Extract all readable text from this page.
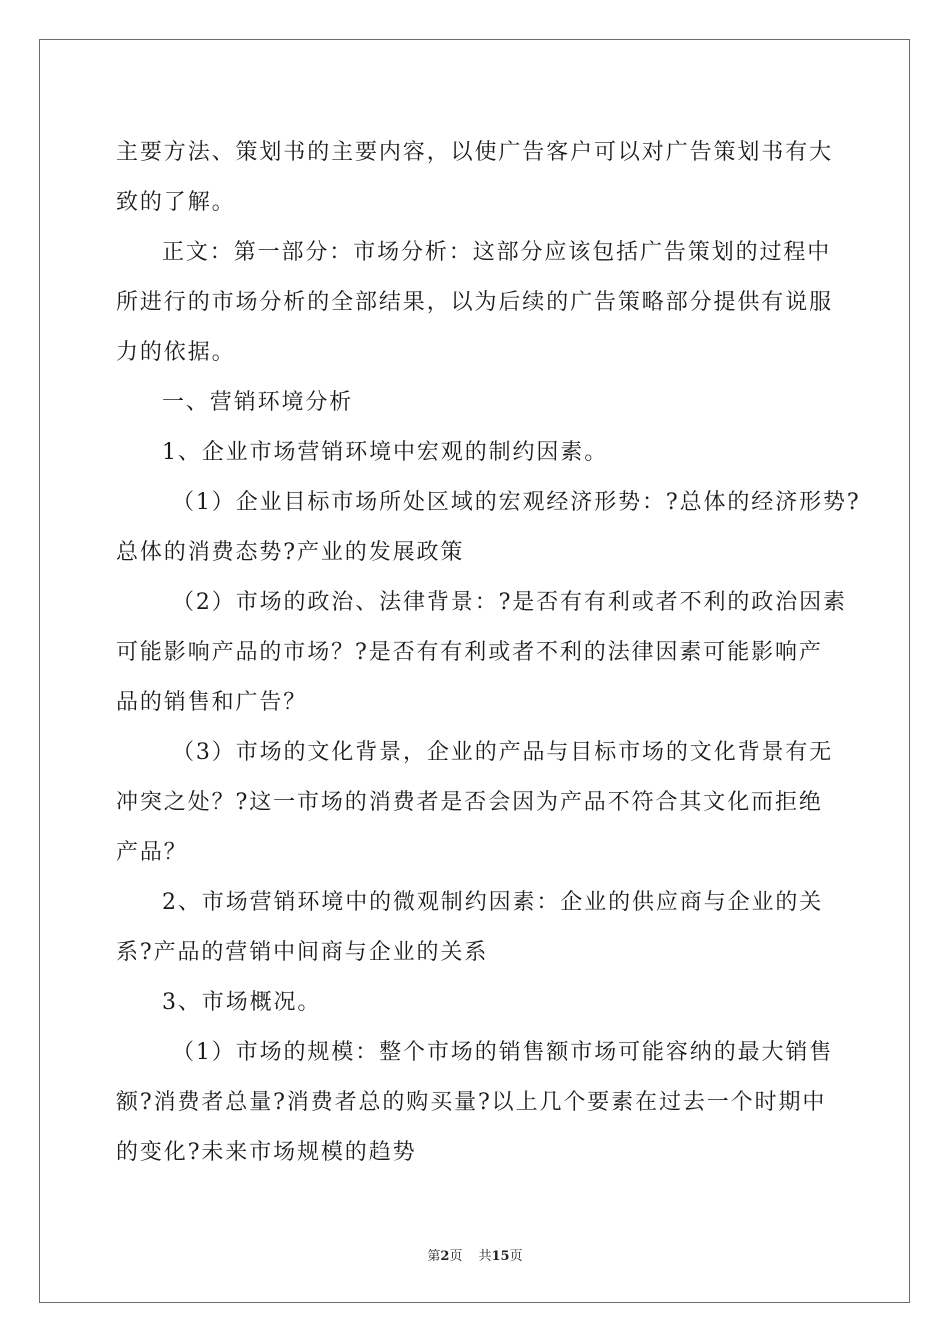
主要方法、策划书的主要内容，以使广告客户可以对广告策划书有大

致的了解。

正文：第一部分：市场分析：这部分应该包括广告策划的过程中

所进行的市场分析的全部结果，以为后续的广告策略部分提供有说服

力的依据。

一、营销环境分析

1、企业市场营销环境中宏观的制约因素。

（1）企业目标市场所处区域的宏观经济形势：?总体的经济形势?

总体的消费态势?产业的发展政策

（2）市场的政治、法律背景：?是否有有利或者不利的政治因素

可能影响产品的市场？?是否有有利或者不利的法律因素可能影响产

品的销售和广告？

（3）市场的文化背景，企业的产品与目标市场的文化背景有无

冲突之处？?这一市场的消费者是否会因为产品不符合其文化而拒绝

产品？

2、市场营销环境中的微观制约因素：企业的供应商与企业的关

系?产品的营销中间商与企业的关系

3、市场概况。

（1）市场的规模：整个市场的销售额市场可能容纳的最大销售

额?消费者总量?消费者总的购买量?以上几个要素在过去一个时期中

的变化?未来市场规模的趋势

第2页 共15页
